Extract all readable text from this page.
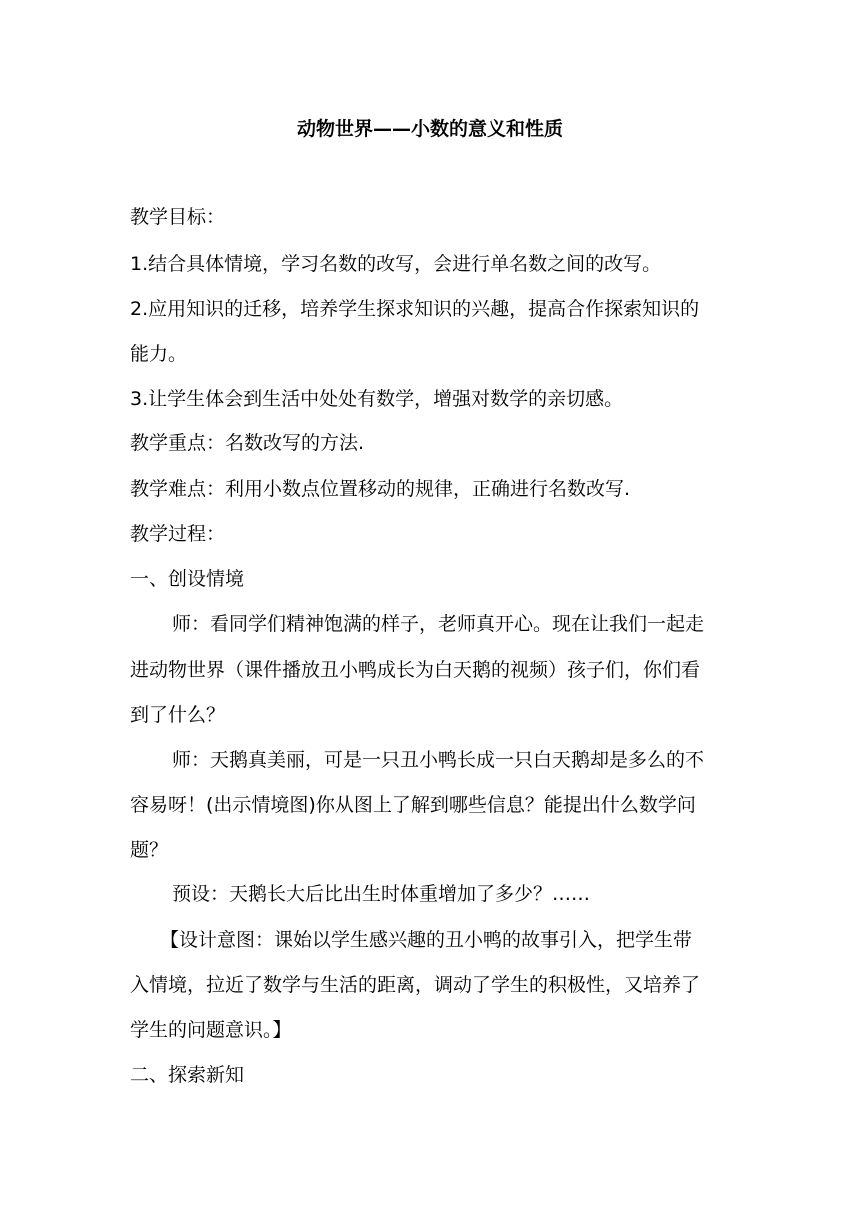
动物世界——小数的意义和性质
教学目标：
1.结合具体情境，学习名数的改写，会进行单名数之间的改写。
2.应用知识的迁移，培养学生探求知识的兴趣，提高合作探索知识的
能力。
3.让学生体会到生活中处处有数学，增强对数学的亲切感。
教学重点：名数改写的方法.
教学难点：利用小数点位置移动的规律，正确进行名数改写.
教学过程：
一、创设情境
师：看同学们精神饱满的样子，老师真开心。现在让我们一起走
进动物世界（课件播放丑小鸭成长为白天鹅的视频）孩子们，你们看
到了什么？
师：天鹅真美丽，可是一只丑小鸭长成一只白天鹅却是多么的不
容易呀！(出示情境图)你从图上了解到哪些信息？能提出什么数学问
题？
预设：天鹅长大后比出生时体重增加了多少？……
【设计意图：课始以学生感兴趣的丑小鸭的故事引入，把学生带
入情境，拉近了数学与生活的距离，调动了学生的积极性，又培养了
学生的问题意识。】
二、探索新知
